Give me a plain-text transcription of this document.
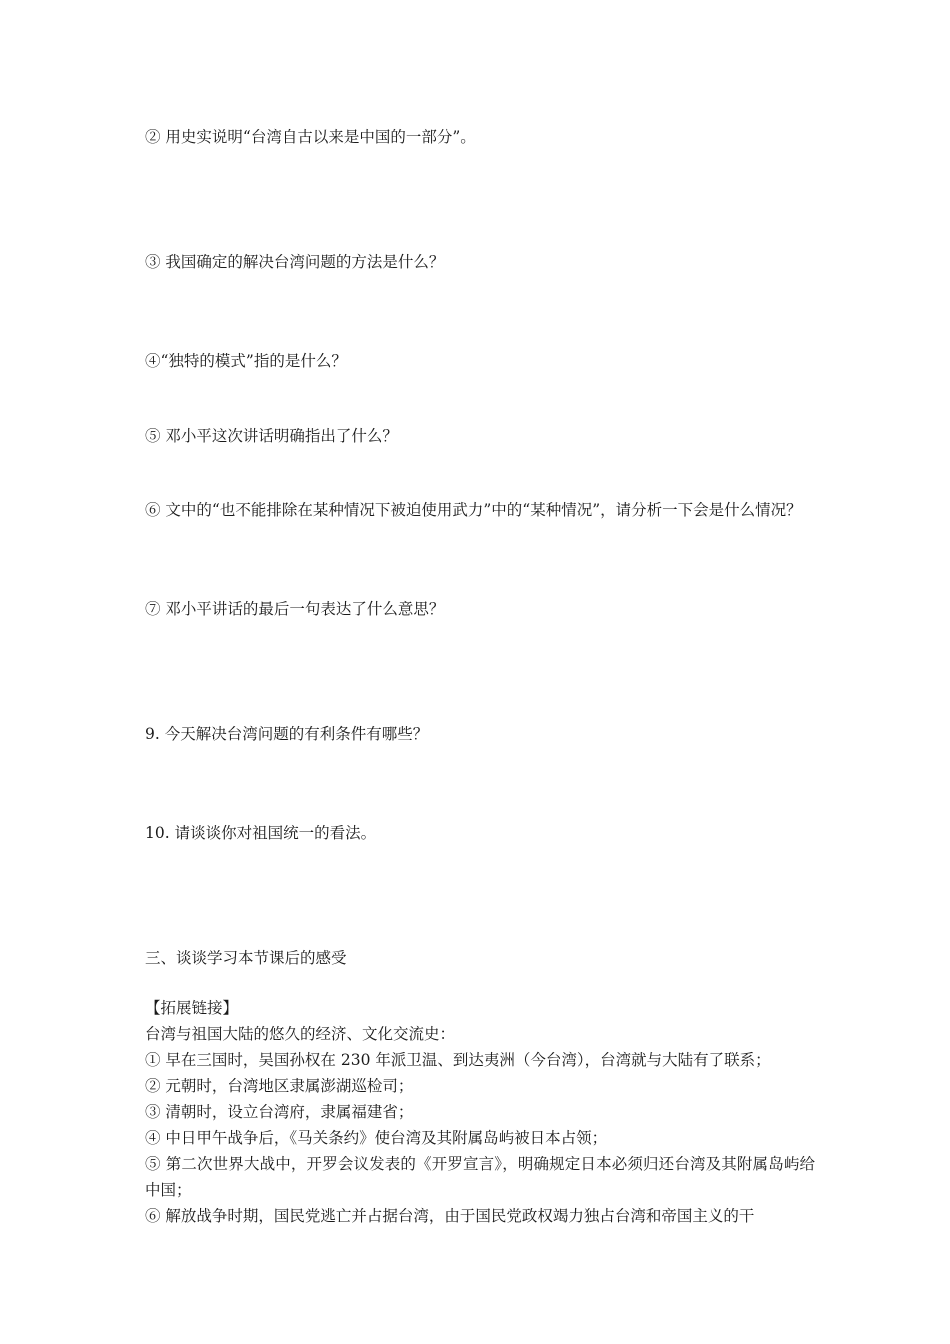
② 用史实说明“台湾自古以来是中国的一部分”。
③ 我国确定的解决台湾问题的方法是什么？
④“独特的模式”指的是什么？
⑤ 邓小平这次讲话明确指出了什么？
⑥ 文中的“也不能排除在某种情况下被迫使用武力”中的“某种情况”，请分析一下会是什么情况？
⑦ 邓小平讲话的最后一句表达了什么意思？
9. 今天解决台湾问题的有利条件有哪些？
10. 请谈谈你对祖国统一的看法。
三、谈谈学习本节课后的感受

【拓展链接】

台湾与祖国大陆的悠久的经济、文化交流史：

① 早在三国时，吴国孙权在 230 年派卫温、到达夷洲（今台湾），台湾就与大陆有了联系；

② 元朝时，台湾地区隶属澎湖巡检司；

③ 清朝时，设立台湾府，隶属福建省；

④ 中日甲午战争后，《马关条约》使台湾及其附属岛屿被日本占领；

⑤ 第二次世界大战中，开罗会议发表的《开罗宣言》，明确规定日本必须归还台湾及其附属岛屿给中国；

⑥ 解放战争时期，国民党逃亡并占据台湾，由于国民党政权竭力独占台湾和帝国主义的干
